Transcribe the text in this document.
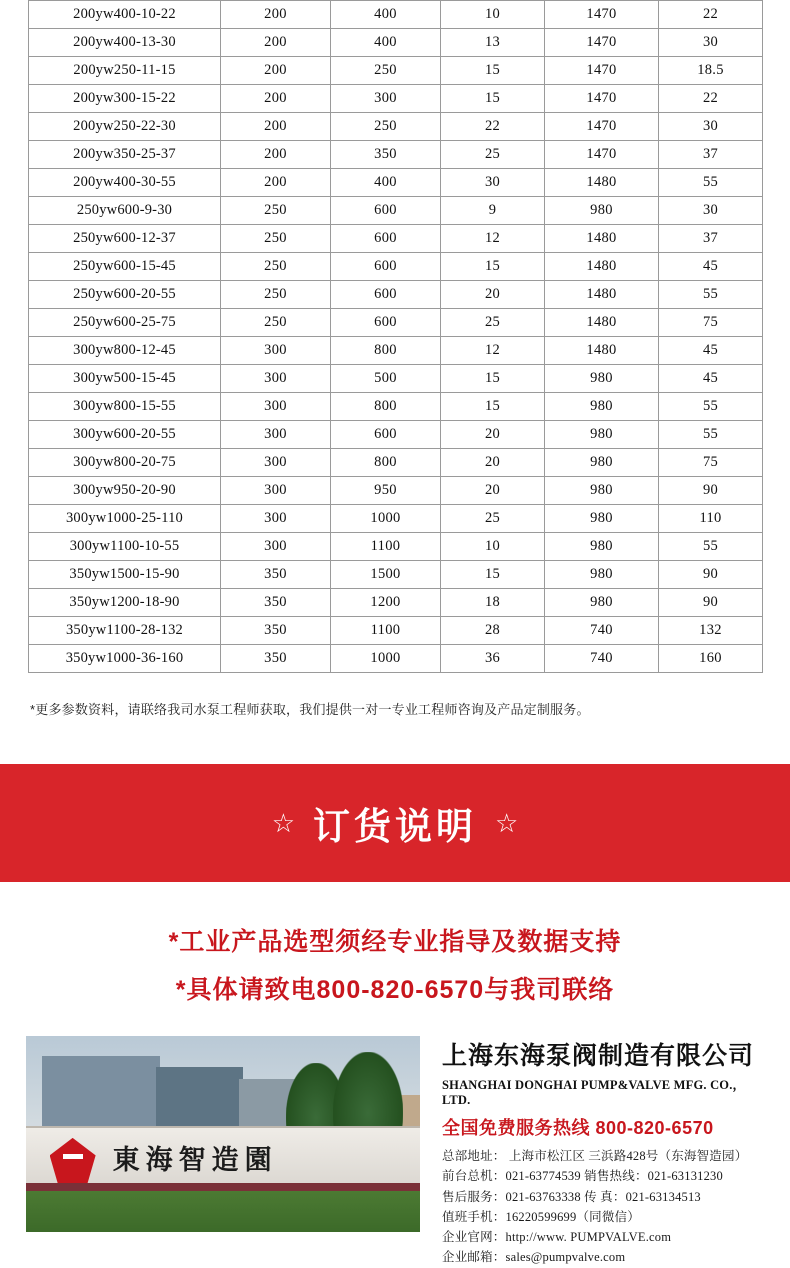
200yw400-10-22	200	400	10	1470	22
200yw400-13-30	200	400	13	1470	30
200yw250-11-15	200	250	15	1470	18.5
200yw300-15-22	200	300	15	1470	22
200yw250-22-30	200	250	22	1470	30
200yw350-25-37	200	350	25	1470	37
200yw400-30-55	200	400	30	1480	55
250yw600-9-30	250	600	9	980	30
250yw600-12-37	250	600	12	1480	37
250yw600-15-45	250	600	15	1480	45
250yw600-20-55	250	600	20	1480	55
250yw600-25-75	250	600	25	1480	75
300yw800-12-45	300	800	12	1480	45
300yw500-15-45	300	500	15	980	45
300yw800-15-55	300	800	15	980	55
300yw600-20-55	300	600	20	980	55
300yw800-20-75	300	800	20	980	75
300yw950-20-90	300	950	20	980	90
300yw1000-25-110	300	1000	25	980	110
300yw1100-10-55	300	1100	10	980	55
350yw1500-15-90	350	1500	15	980	90
350yw1200-18-90	350	1200	18	980	90
350yw1100-28-132	350	1100	28	740	132
350yw1000-36-160	350	1000	36	740	160
*更多参数资料，请联络我司水泵工程师获取，我们提供一对一专业工程师咨询及产品定制服务。
☆ 订货说明 ☆
*工业产品选型须经专业指导及数据支持
*具体请致电800-820-6570与我司联络
東海智造園
上海东海泵阀制造有限公司
SHANGHAI DONGHAI PUMP&VALVE MFG. CO.，LTD.
全国免费服务热线 800-820-6570
总部地址： 上海市松江区 三浜路428号（东海智造园）
前台总机：021-63774539 销售热线：021-63131230
售后服务：021-63763338 传 真：021-63134513
值班手机：16220599699（同微信）
企业官网：http://www. PUMPVALVE.com
企业邮箱：sales@pumpvalve.com
